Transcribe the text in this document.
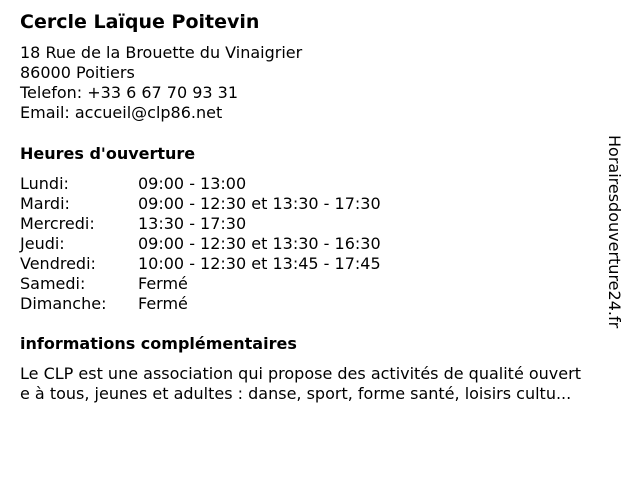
Cercle Laïque Poitevin
18 Rue de la Brouette du Vinaigrier
86000 Poitiers
Telefon: +33 6 67 70 93 31
Email: accueil@clp86.net
Heures d'ouverture
Lundi:	09:00 - 13:00
Mardi:	09:00 - 12:30 et 13:30 - 17:30
Mercredi:	13:30 - 17:30
Jeudi:	09:00 - 12:30 et 13:30 - 16:30
Vendredi:	10:00 - 12:30 et 13:45 - 17:45
Samedi:	Fermé
Dimanche: Fermé
informations complémentaires
Le CLP est une association qui propose des activités de qualité ouvert
e à tous, jeunes et adultes : danse, sport, forme santé, loisirs cultu...
Horairesdouverture24.fr
